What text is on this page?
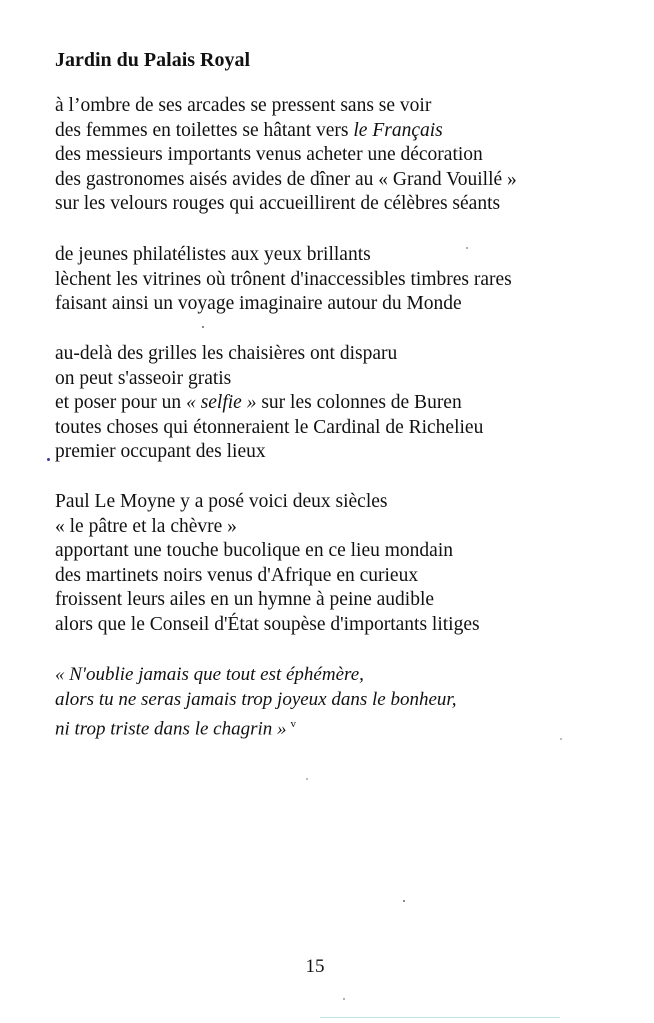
Jardin du Palais Royal
à l’ombre de ses arcades se pressent sans se voir
des femmes en toilettes se hâtant vers le Français
des messieurs importants venus acheter une décoration
des gastronomes aisés avides de dîner au « Grand Vouillé »
sur les velours rouges qui accueillirent de célèbres séants
de jeunes philatélistes aux yeux brillants
lèchent les vitrines où trônent d'inaccessibles timbres rares
faisant ainsi un voyage imaginaire autour du Monde
au-delà des grilles les chaisières ont disparu
on peut s'asseoir gratis
et poser pour un « selfie » sur les colonnes de Buren
toutes choses qui étonneraient le Cardinal de Richelieu
premier occupant des lieux
Paul Le Moyne y a posé voici deux siècles
« le pâtre et la chèvre »
apportant une touche bucolique en ce lieu mondain
des martinets noirs venus d'Afrique en curieux
froissent leurs ailes en un hymne à peine audible
alors que le Conseil d'État soupèse d'importants litiges
« N'oublie jamais que tout est éphémère,
alors tu ne seras jamais trop joyeux dans le bonheur,
ni trop triste dans le chagrin » $^v$
15
